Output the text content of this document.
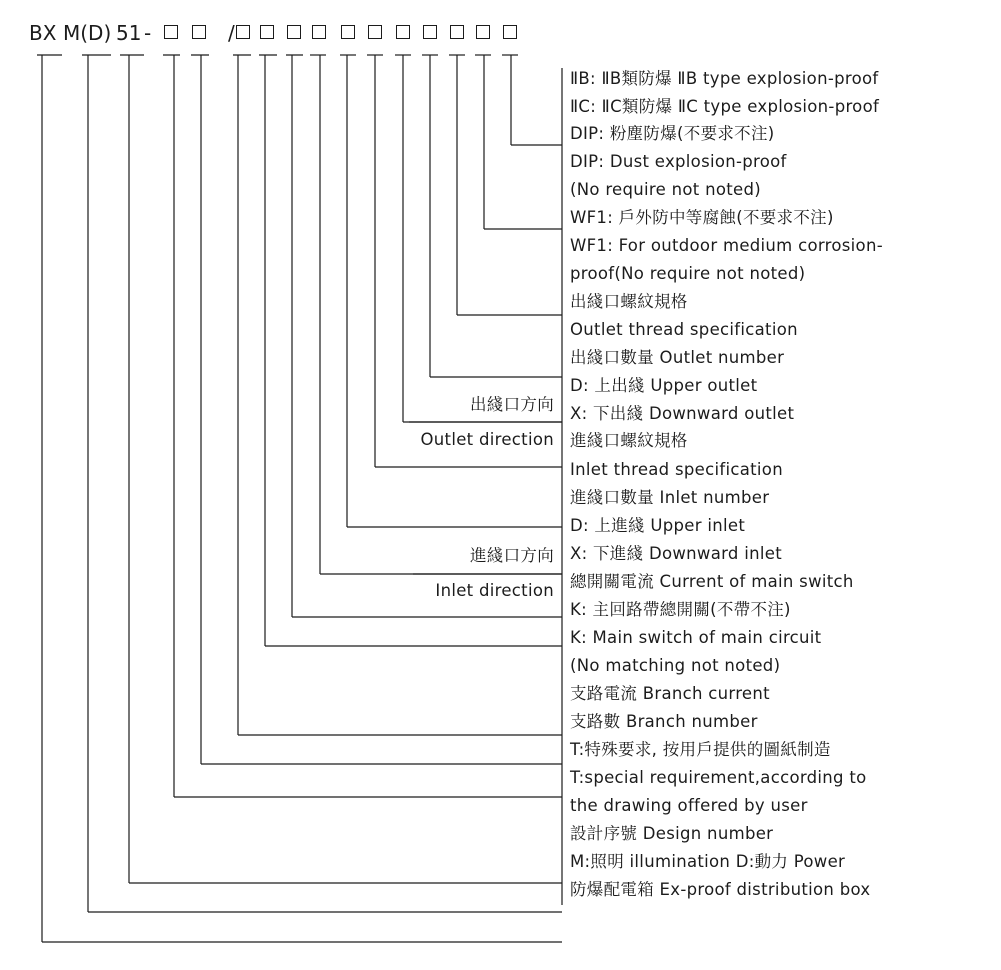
BX M(D) 51 -	/
ⅡB: ⅡB類防爆 ⅡB type explosion-proof
ⅡC: ⅡC類防爆 ⅡC type explosion-proof
DIP: 粉塵防爆(不要求不注)
DIP: Dust explosion-proof
(No require not noted)
WF1: 戶外防中等腐蝕(不要求不注)
WF1: For outdoor medium corrosion-
proof(No require not noted)
出綫口螺紋規格
Outlet thread specification
出綫口數量 Outlet number
D: 上出綫 Upper outlet
X: 下出綫 Downward outlet
進綫口螺紋規格
Inlet thread specification
進綫口數量 Inlet number
D: 上進綫 Upper inlet
X: 下進綫 Downward inlet
總開關電流 Current of main switch
K: 主回路帶總開關(不帶不注)
K: Main switch of main circuit
(No matching not noted)
支路電流 Branch current
支路數 Branch number
T:特殊要求, 按用戶提供的圖紙制造
T:special requirement,according to
the drawing offered by user
設計序號 Design number
M:照明 illumination D:動力 Power
防爆配電箱 Ex-proof distribution box
出綫口方向
Outlet direction
進綫口方向
Inlet direction
